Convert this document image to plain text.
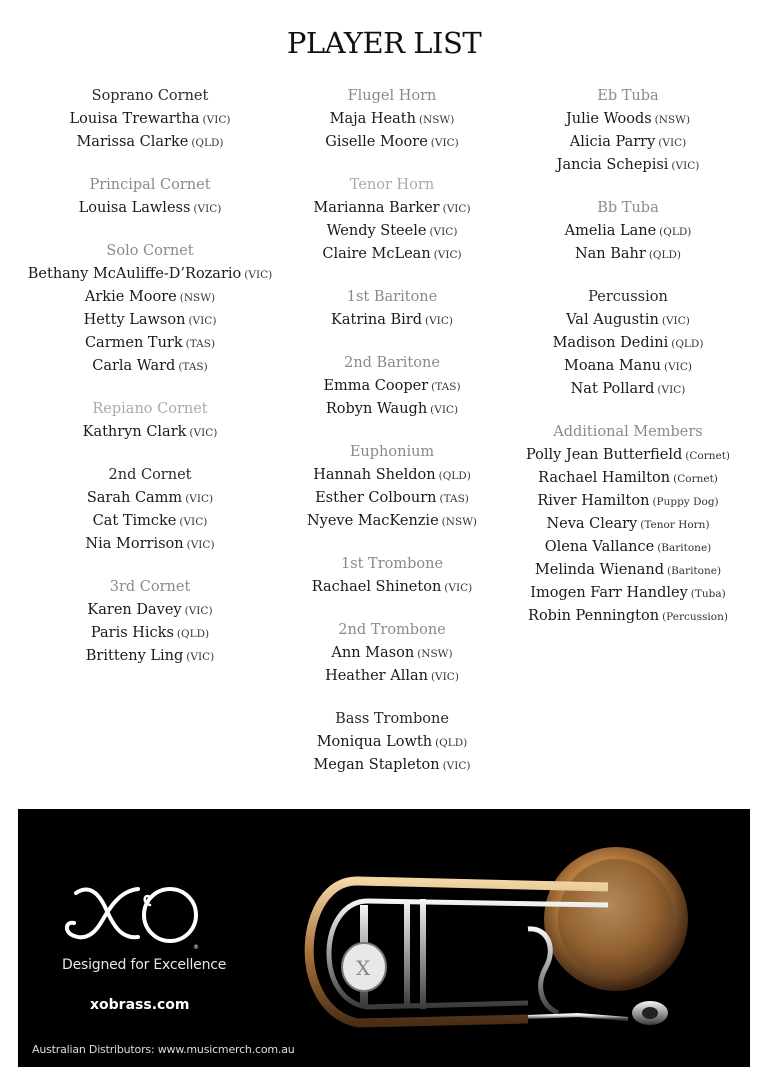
PLAYER LIST
Soprano Cornet
Louisa Trewartha (VIC)
Marissa Clarke (QLD)
Principal Cornet
Louisa Lawless (VIC)
Solo Cornet
Bethany McAuliffe-D’Rozario (VIC)
Arkie Moore (NSW)
Hetty Lawson (VIC)
Carmen Turk (TAS)
Carla Ward (TAS)
Repiano Cornet
Kathryn Clark (VIC)
2nd Cornet
Sarah Camm (VIC)
Cat Timcke (VIC)
Nia Morrison (VIC)
3rd Cornet
Karen Davey (VIC)
Paris Hicks (QLD)
Britteny Ling (VIC)
Flugel Horn
Maja Heath (NSW)
Giselle Moore (VIC)
Tenor Horn
Marianna Barker (VIC)
Wendy Steele (VIC)
Claire McLean (VIC)
1st Baritone
Katrina Bird (VIC)
2nd Baritone
Emma Cooper (TAS)
Robyn Waugh (VIC)
Euphonium
Hannah Sheldon (QLD)
Esther Colbourn (TAS)
Nyeve MacKenzie (NSW)
1st Trombone
Rachael Shineton (VIC)
2nd Trombone
Ann Mason (NSW)
Heather Allan (VIC)
Bass Trombone
Moniqua Lowth (QLD)
Megan Stapleton (VIC)
Eb Tuba
Julie Woods (NSW)
Alicia Parry (VIC)
Jancia Schepisi (VIC)
Bb Tuba
Amelia Lane (QLD)
Nan Bahr (QLD)
Percussion
Val Augustin (VIC)
Madison Dedini (QLD)
Moana Manu (VIC)
Nat Pollard (VIC)
Additional Members
Polly Jean Butterfield (Cornet)
Rachael Hamilton (Cornet)
River Hamilton (Puppy Dog)
Neva Cleary (Tenor Horn)
Olena Vallance (Baritone)
Melinda Wienand (Baritone)
Imogen Farr Handley (Tuba)
Robin Pennington (Percussion)
®
Designed for Excellence
xobrass.com
Australian Distributors: www.musicmerch.com.au
X
